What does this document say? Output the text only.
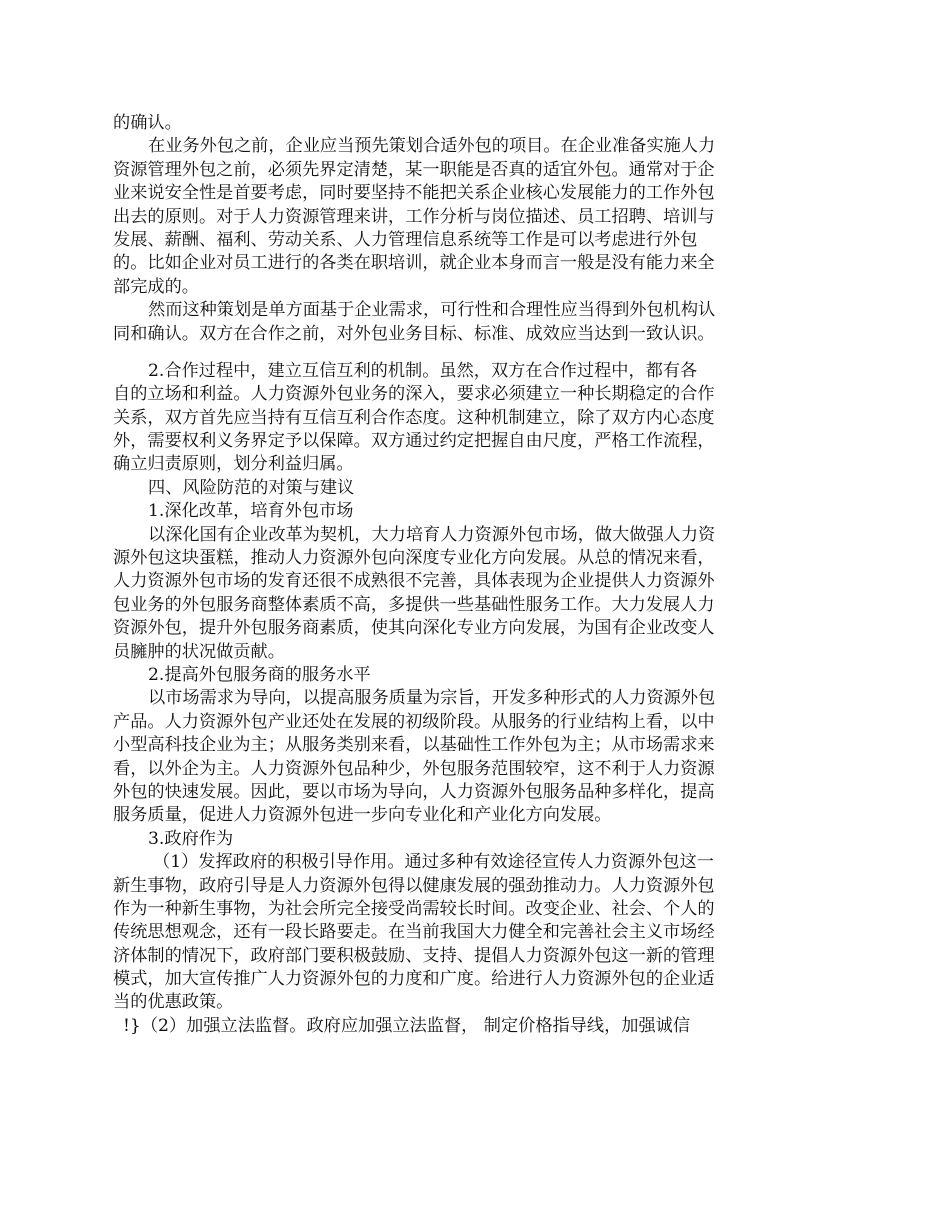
的确认。
在业务外包之前，企业应当预先策划合适外包的项目。在企业准备实施人力
资源管理外包之前，必须先界定清楚，某一职能是否真的适宜外包。通常对于企
业来说安全性是首要考虑，同时要坚持不能把关系企业核心发展能力的工作外包
出去的原则。对于人力资源管理来讲，工作分析与岗位描述、员工招聘、培训与
发展、薪酬、福利、劳动关系、人力管理信息系统等工作是可以考虑进行外包
的。比如企业对员工进行的各类在职培训，就企业本身而言一般是没有能力来全
部完成的。
然而这种策划是单方面基于企业需求，可行性和合理性应当得到外包机构认
同和确认。双方在合作之前，对外包业务目标、标准、成效应当达到一致认识。
2.合作过程中，建立互信互利的机制。虽然，双方在合作过程中，都有各
自的立场和利益。人力资源外包业务的深入，要求必须建立一种长期稳定的合作
关系，双方首先应当持有互信互利合作态度。这种机制建立，除了双方内心态度
外，需要权利义务界定予以保障。双方通过约定把握自由尺度，严格工作流程，
确立归责原则，划分利益归属。
四、风险防范的对策与建议
1.深化改革，培育外包市场
以深化国有企业改革为契机，大力培育人力资源外包市场，做大做强人力资
源外包这块蛋糕，推动人力资源外包向深度专业化方向发展。从总的情况来看，
人力资源外包市场的发育还很不成熟很不完善，具体表现为企业提供人力资源外
包业务的外包服务商整体素质不高，多提供一些基础性服务工作。大力发展人力
资源外包，提升外包服务商素质，使其向深化专业方向发展，为国有企业改变人
员臃肿的状况做贡献。
2.提高外包服务商的服务水平
以市场需求为导向，以提高服务质量为宗旨，开发多种形式的人力资源外包
产品。人力资源外包产业还处在发展的初级阶段。从服务的行业结构上看，以中
小型高科技企业为主；从服务类别来看，以基础性工作外包为主；从市场需求来
看，以外企为主。人力资源外包品种少，外包服务范围较窄，这不利于人力资源
外包的快速发展。因此，要以市场为导向，人力资源外包服务品种多样化，提高
服务质量，促进人力资源外包进一步向专业化和产业化方向发展。
3.政府作为
（1）发挥政府的积极引导作用。通过多种有效途径宣传人力资源外包这一
新生事物，政府引导是人力资源外包得以健康发展的强劲推动力。人力资源外包
作为一种新生事物，为社会所完全接受尚需较长时间。改变企业、社会、个人的
传统思想观念，还有一段长路要走。在当前我国大力健全和完善社会主义市场经
济体制的情况下，政府部门要积极鼓励、支持、提倡人力资源外包这一新的管理
模式，加大宣传推广人力资源外包的力度和广度。给进行人力资源外包的企业适
当的优惠政策。
!}（2）加强立法监督。政府应加强立法监督， 制定价格指导线，加强诚信
